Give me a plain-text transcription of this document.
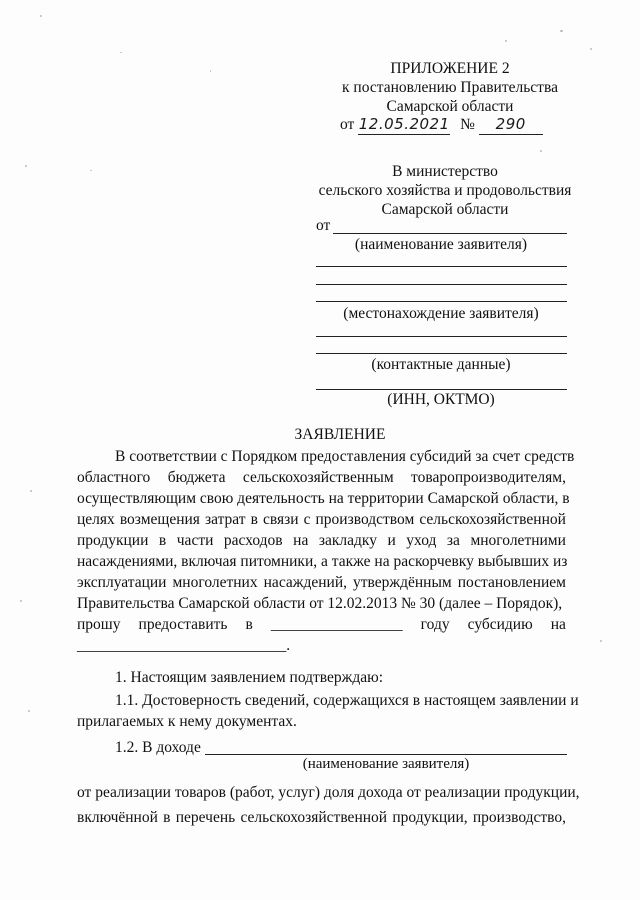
ПРИЛОЖЕНИЕ 2
к постановлению Правительства
Самарской области
от 12.05.2021 № 290
В министерство
сельского хозяйства и продовольствия
Самарской области
от
(наименование заявителя)
(местонахождение заявителя)
(контактные данные)
(ИНН, ОКТМО)
ЗАЯВЛЕНИЕ
В соответствии с Порядком предоставления субсидий за счет средств
областного бюджета сельскохозяйственным товаропроизводителям,
осуществляющим свою деятельность на территории Самарской области, в
целях возмещения затрат в связи с производством сельскохозяйственной
продукции в части расходов на закладку и уход за многолетними
насаждениями, включая питомники, а также на раскорчевку выбывших из
эксплуатации многолетних насаждений, утверждённым постановлением
Правительства Самарской области от 12.02.2013 № 30 (далее – Порядок),
прошу предоставить в _________________ году субсидию на
___________________________.
1. Настоящим заявлением подтверждаю:
1.1. Достоверность сведений, содержащихся в настоящем заявлении и
прилагаемых к нему документах.
1.2. В доходе
(наименование заявителя)
от реализации товаров (работ, услуг) доля дохода от реализации продукции,
включённой в перечень сельскохозяйственной продукции, производство,
